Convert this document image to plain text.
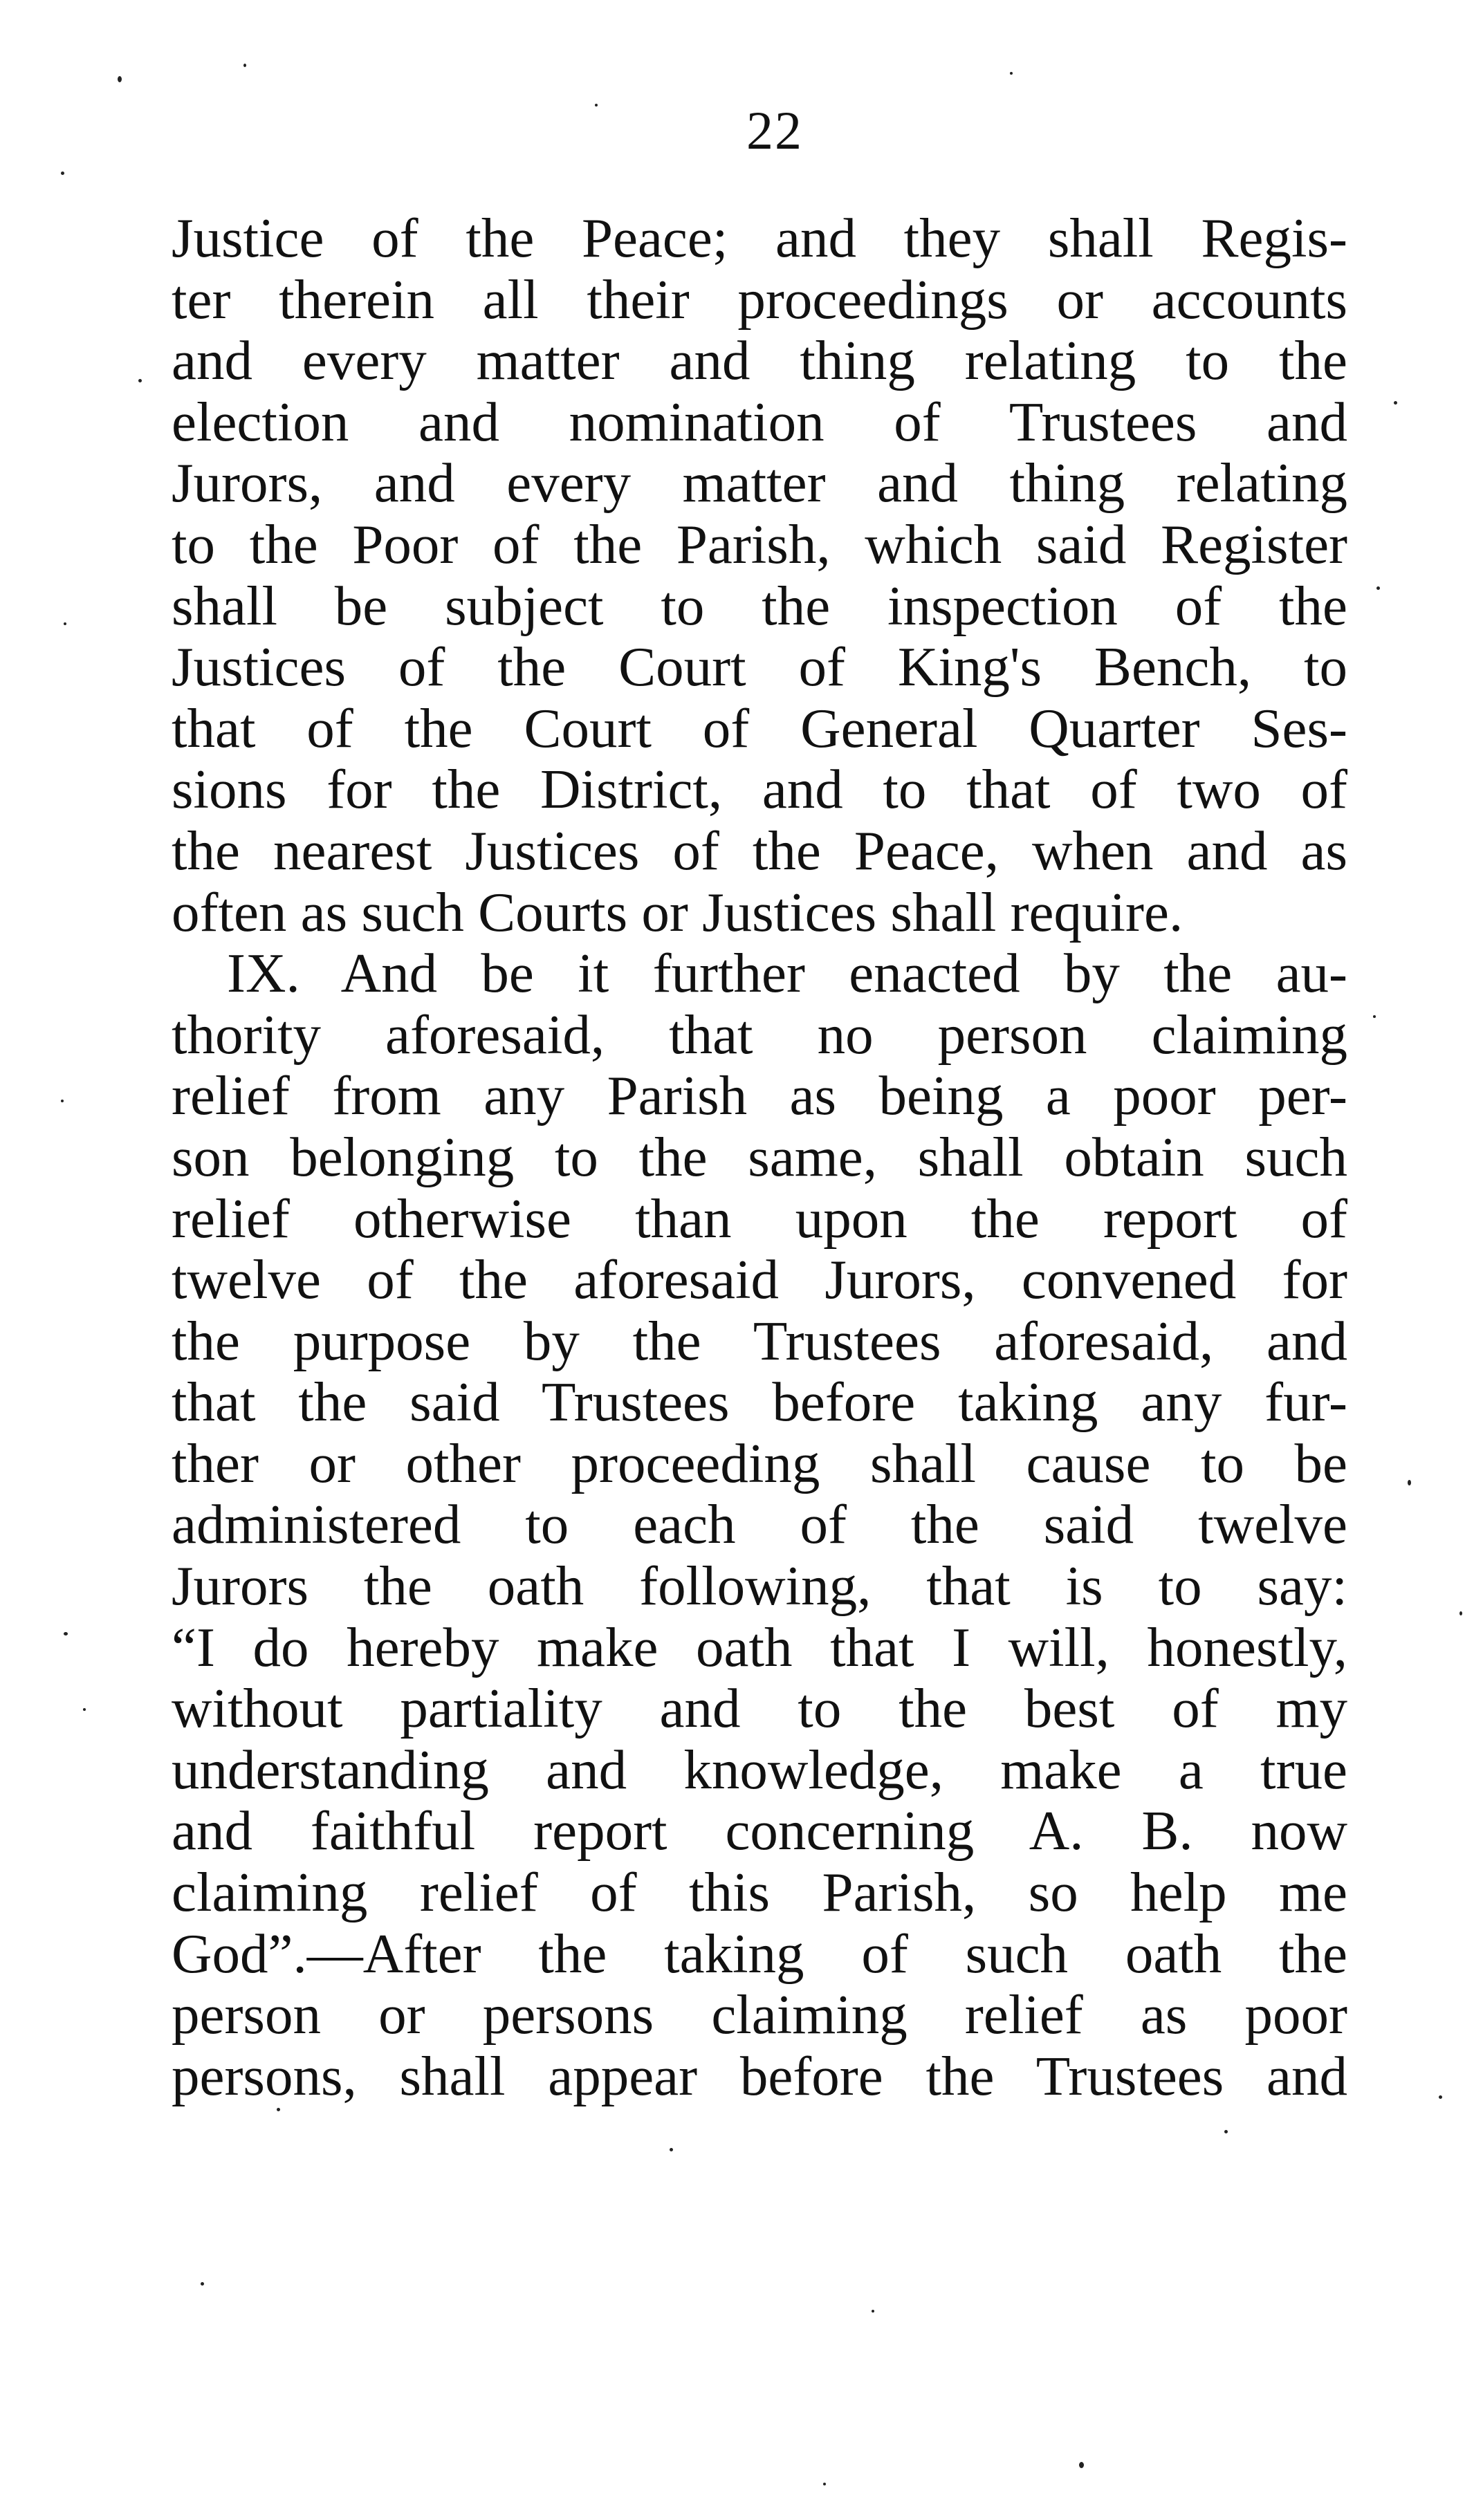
22
Justice of the Peace; and they shall Regis-
ter therein all their proceedings or accounts
and every matter and thing relating to the
election and nomination of Trustees and
Jurors, and every matter and thing relating
to the Poor of the Parish, which said Register
shall be subject to the inspection of the
Justices of the Court of King's Bench, to
that of the Court of General Quarter Ses-
sions for the District, and to that of two of
the nearest Justices of the Peace, when and as
often as such Courts or Justices shall require.
IX. And be it further enacted by the au-
thority aforesaid, that no person claiming
relief from any Parish as being a poor per-
son belonging to the same, shall obtain such
relief otherwise than upon the report of
twelve of the aforesaid Jurors, convened for
the purpose by the Trustees aforesaid, and
that the said Trustees before taking any fur-
ther or other proceeding shall cause to be
administered to each of the said twelve
Jurors the oath following, that is to say:
“I do hereby make oath that I will, honestly,
without partiality and to the best of my
understanding and knowledge, make a true
and faithful report concerning A. B. now
claiming relief of this Parish, so help me
God”.—After the taking of such oath the
person or persons claiming relief as poor
persons, shall appear before the Trustees and
